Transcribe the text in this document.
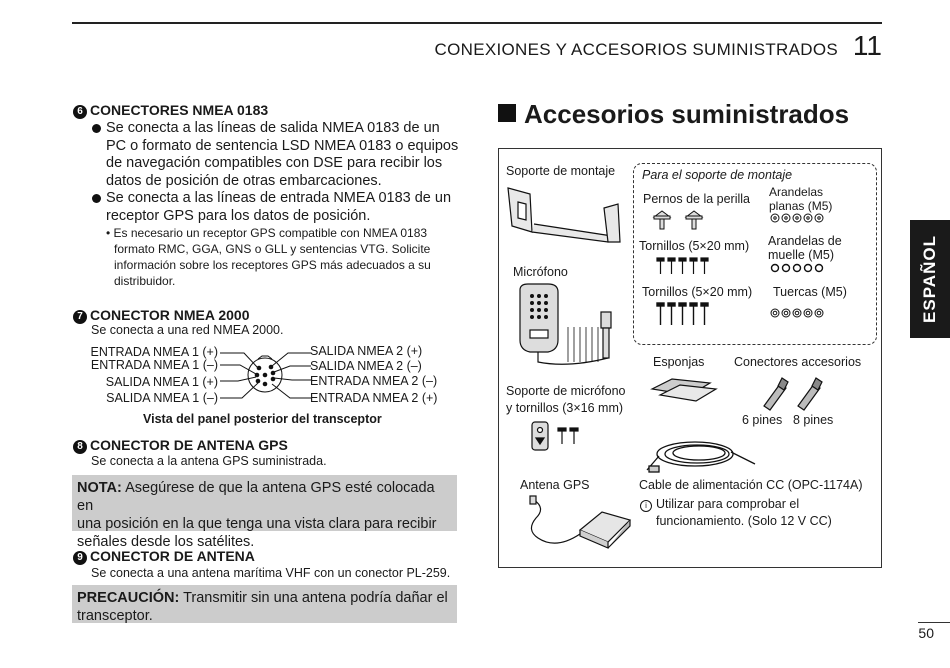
CONEXIONES Y ACCESORIOS SUMINISTRADOS 11
ESPAÑOL
6 CONECTORES NMEA 0183
Se conecta a las líneas de salida NMEA 0183 de un
PC o formato de sentencia LSD NMEA 0183 o equipos
de navegación compatibles con DSE para recibir los
datos de posición de otras embarcaciones.
Se conecta a las líneas de entrada NMEA 0183 de un
receptor GPS para los datos de posición.
• Es necesario un receptor GPS compatible con NMEA 0183
formato RMC, GGA, GNS o GLL y sentencias VTG. Solicite
información sobre los receptores GPS más adecuados a su
distribuidor.
7 CONECTOR NMEA 2000
Se conecta a una red NMEA 2000.
ENTRADA NMEA 1 (+)
ENTRADA NMEA 1 (–)
SALIDA NMEA 1 (+)
SALIDA NMEA 1 (–)
SALIDA NMEA 2 (+)
SALIDA NMEA 2 (–)
ENTRADA NMEA 2 (–)
ENTRADA NMEA 2 (+)
Vista del panel posterior del transceptor
8 CONECTOR DE ANTENA GPS
Se conecta a la antena GPS suministrada.
NOTA: Asegúrese de que la antena GPS esté colocada en
una posición en la que tenga una vista clara para recibir
señales desde los satélites.
9 CONECTOR DE ANTENA
Se conecta a una antena marítima VHF con un conector PL-259.
PRECAUCIÓN: Transmitir sin una antena podría dañar el
transceptor.
Accesorios suministrados
Soporte de montaje Para el soporte de montaje
Pernos de la perilla Arandelas
planas (M5)
Tornillos (5×20 mm) Arandelas de
muelle (M5)
Tornillos (5×20 mm) Tuercas (M5)
Micrófono
Esponjas Conectores accesorios
Soporte de micrófono
y tornillos (3×16 mm)
6 pines 8 pines
Antena GPS	Cable de alimentación CC (OPC-1174A)
i Utilizar para comprobar el
funcionamiento. (Solo 12 V CC)
50
